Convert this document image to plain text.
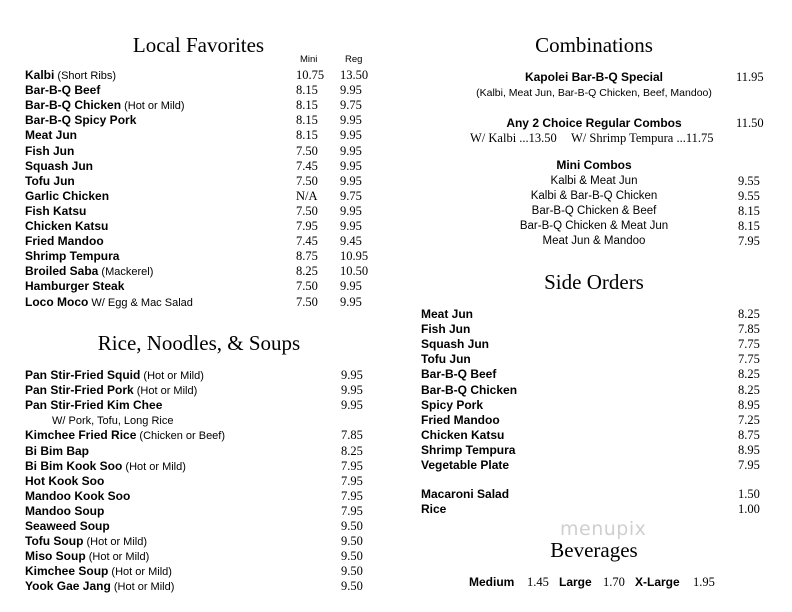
Local Favorites
Mini	Reg
Kalbi (Short Ribs)	10.75 13.50
Bar-B-Q Beef	8.15 9.95
Bar-B-Q Chicken (Hot or Mild)	8.15 9.75
Bar-B-Q Spicy Pork	8.15 9.95
Meat Jun	8.15 9.95
Fish Jun	7.50 9.95
Squash Jun	7.45 9.95
Tofu Jun	7.50 9.95
Garlic Chicken	N/A 9.75
Fish Katsu	7.50 9.95
Chicken Katsu	7.95 9.95
Fried Mandoo	7.45 9.45
Shrimp Tempura	8.75 10.95
Broiled Saba (Mackerel)	8.25 10.50
Hamburger Steak	7.50 9.95
Loco Moco W/ Egg & Mac Salad	7.50 9.95
Rice, Noodles, & Soups
Pan Stir-Fried Squid (Hot or Mild)	9.95
Pan Stir-Fried Pork (Hot or Mild)	9.95
Pan Stir-Fried Kim Chee	9.95
W/ Pork, Tofu, Long Rice
Kimchee Fried Rice (Chicken or Beef)	7.85
Bi Bim Bap	8.25
Bi Bim Kook Soo (Hot or Mild)	7.95
Hot Kook Soo	7.95
Mandoo Kook Soo	7.95
Mandoo Soup	7.95
Seaweed Soup	9.50
Tofu Soup (Hot or Mild)	9.50
Miso Soup (Hot or Mild)	9.50
Kimchee Soup (Hot or Mild)	9.50
Yook Gae Jang (Hot or Mild)	9.50
Combinations
Kapolei Bar-B-Q Special	11.95
(Kalbi, Meat Jun, Bar-B-Q Chicken, Beef, Mandoo)
Any 2 Choice Regular Combos	11.50
W/ Kalbi ...13.50 W/ Shrimp Tempura ...11.75
Mini Combos
Kalbi & Meat Jun	9.55
Kalbi & Bar-B-Q Chicken	9.55
Bar-B-Q Chicken & Beef	8.15
Bar-B-Q Chicken & Meat Jun	8.15
Meat Jun & Mandoo	7.95
Side Orders
Meat Jun	8.25
Fish Jun	7.85
Squash Jun	7.75
Tofu Jun	7.75
Bar-B-Q Beef	8.25
Bar-B-Q Chicken	8.25
Spicy Pork	8.95
Fried Mandoo	7.25
Chicken Katsu	8.75
Shrimp Tempura	8.95
Vegetable Plate	7.95
Macaroni Salad	1.50
Rice	1.00
menupix
Beverages
Medium 1.45 Large 1.70 X-Large 1.95
